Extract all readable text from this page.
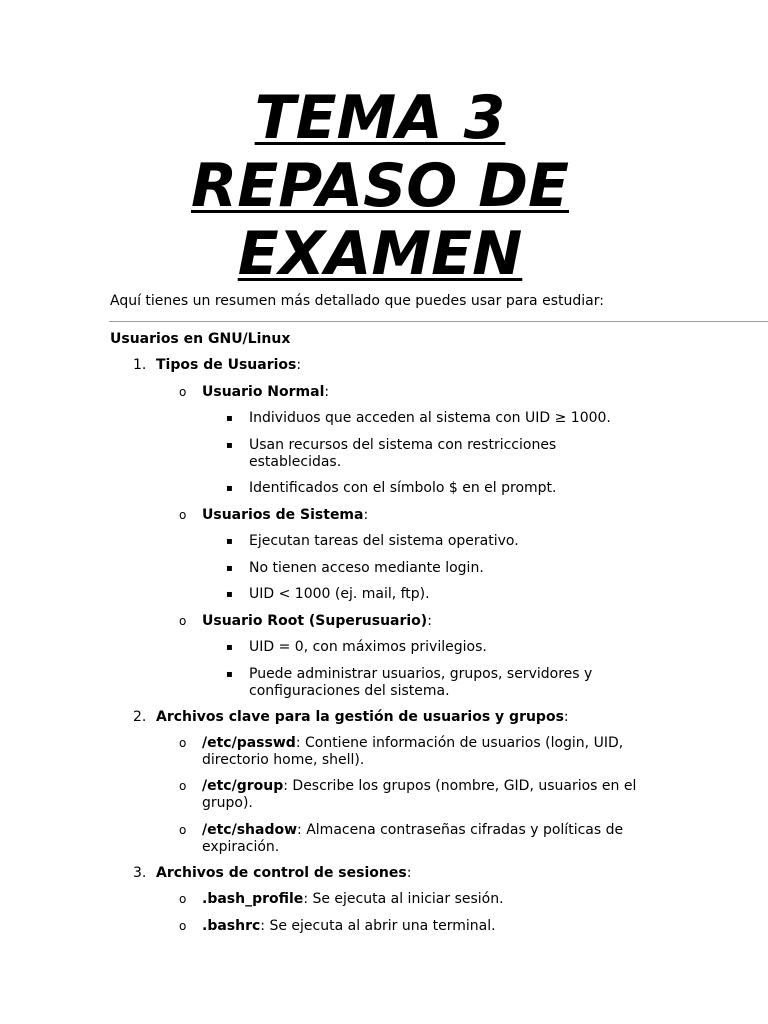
TEMA 3
REPASO DE
EXAMEN

Aquí tienes un resumen más detallado que puedes usar para estudiar:

Usuarios en GNU/Linux

1. Tipos de Usuarios:

o Usuario Normal:

▪ Individuos que acceden al sistema con UID ≥ 1000.

▪ Usan recursos del sistema con restricciones establecidas.

▪ Identificados con el símbolo $ en el prompt.

o Usuarios de Sistema:

▪ Ejecutan tareas del sistema operativo.

▪ No tienen acceso mediante login.

▪ UID < 1000 (ej. mail, ftp).

o Usuario Root (Superusuario):

▪ UID = 0, con máximos privilegios.

▪ Puede administrar usuarios, grupos, servidores y configuraciones del sistema.

2. Archivos clave para la gestión de usuarios y grupos:

o /etc/passwd: Contiene información de usuarios (login, UID, directorio home, shell).

o /etc/group: Describe los grupos (nombre, GID, usuarios en el grupo).

o /etc/shadow: Almacena contraseñas cifradas y políticas de expiración.

3. Archivos de control de sesiones:

o .bash_profile: Se ejecuta al iniciar sesión.

o .bashrc: Se ejecuta al abrir una terminal.
